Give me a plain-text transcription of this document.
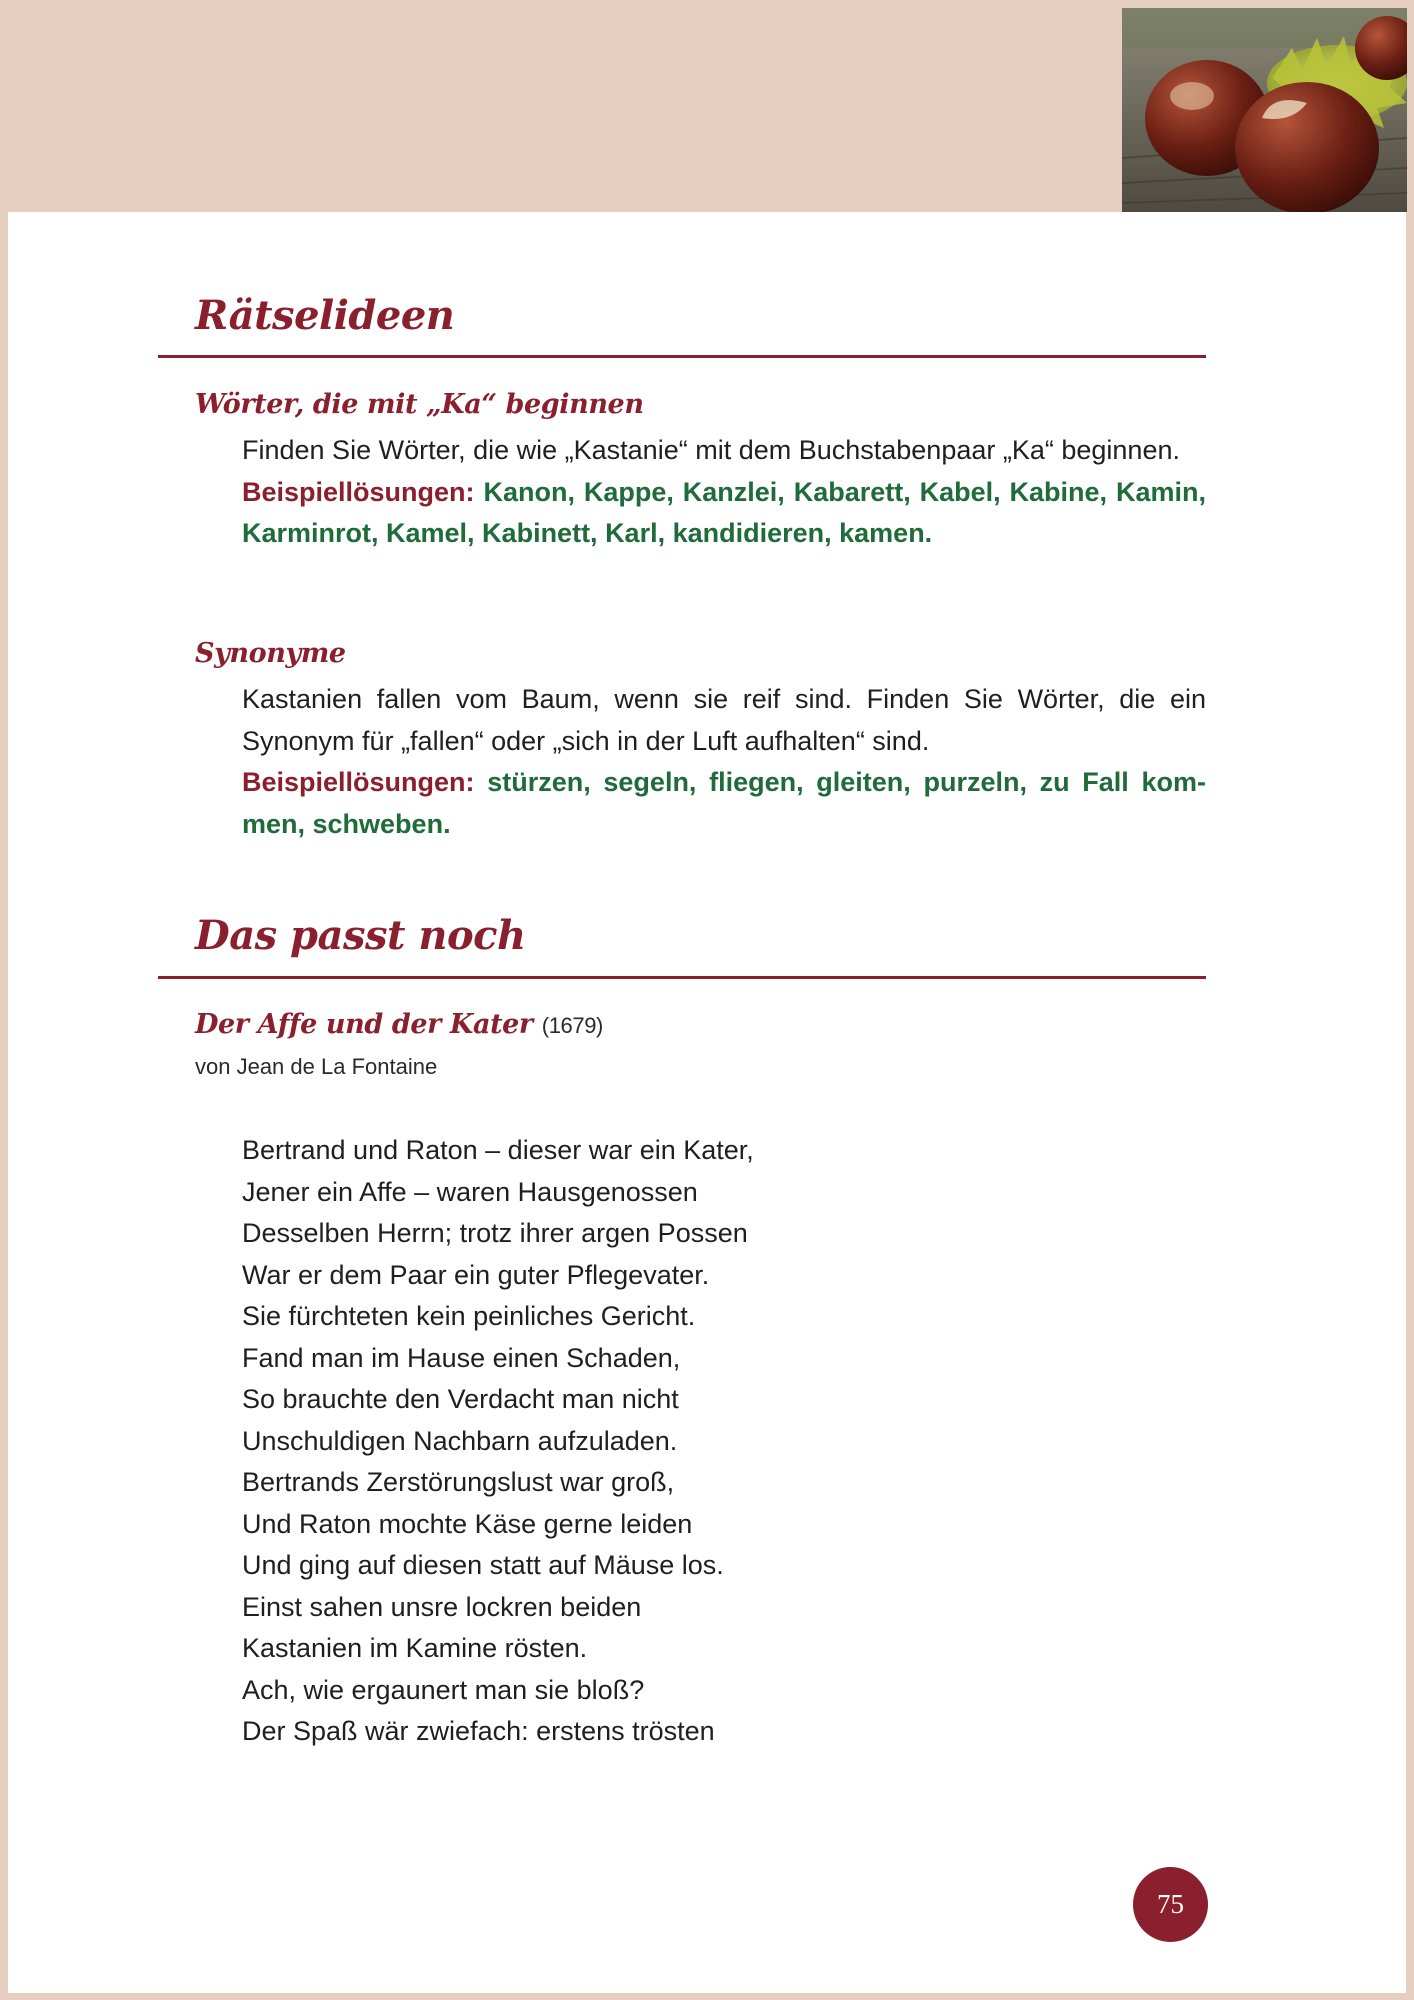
Rätselideen
Wörter, die mit „Ka“ beginnen

Finden Sie Wörter, die wie „Kastanie“ mit dem Buchstabenpaar „Ka“ beginnen.
Beispiellösungen: Kanon, Kappe, Kanzlei, Kabarett, Kabel, Kabine, Kamin, Karminrot, Kamel, Kabinett, Karl, kandidieren, kamen.

Synonyme

Kastanien fallen vom Baum, wenn sie reif sind. Finden Sie Wörter, die ein Synonym für „fallen“ oder „sich in der Luft aufhalten“ sind.
Beispiellösungen: stürzen, segeln, fliegen, gleiten, purzeln, zu Fall kommen, schweben.

Das passt noch
Der Affe und der Kater (1679)

von Jean de La Fontaine

Bertrand und Raton – dieser war ein Kater,
Jener ein Affe – waren Hausgenossen
Desselben Herrn; trotz ihrer argen Possen
War er dem Paar ein guter Pflegevater.
Sie fürchteten kein peinliches Gericht.
Fand man im Hause einen Schaden,
So brauchte den Verdacht man nicht
Unschuldigen Nachbarn aufzuladen.
Bertrands Zerstörungslust war groß,
Und Raton mochte Käse gerne leiden
Und ging auf diesen statt auf Mäuse los.
Einst sahen unsre lockren beiden
Kastanien im Kamine rösten.
Ach, wie ergaunert man sie bloß?
Der Spaß wär zwiefach: erstens trösten
75
